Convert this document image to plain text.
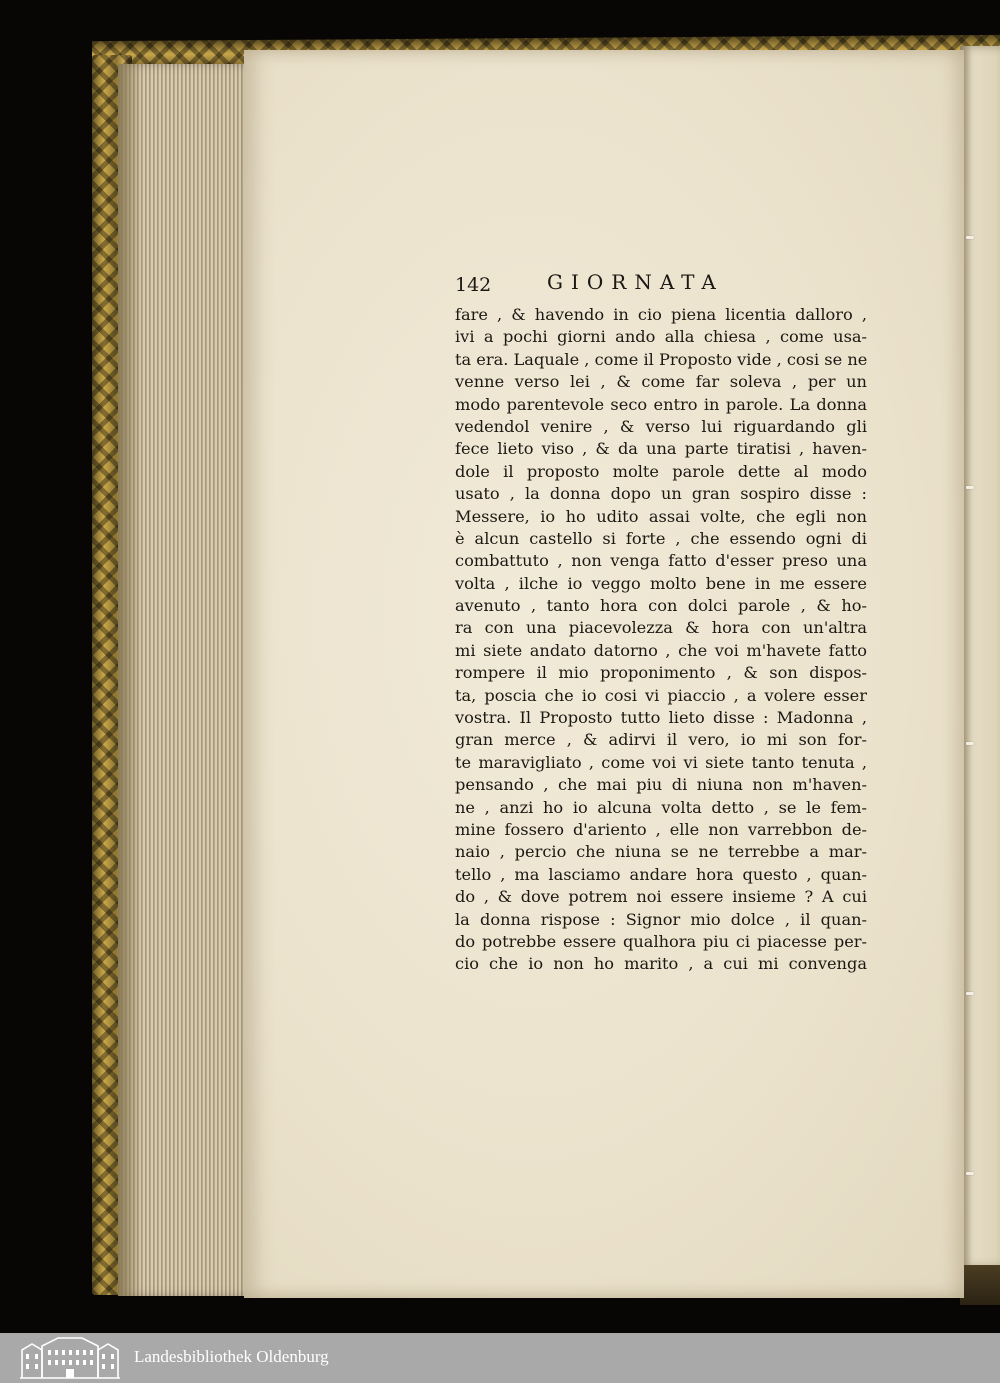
142	GIORNATA
fare , & havendo in cio piena licentia dalloro ,
ivi a pochi giorni ando alla chiesa , come usa-
ta era. Laquale , come il Proposto vide , cosi se ne
venne verso lei , & come far soleva , per un
modo parentevole seco entro in parole. La donna
vedendol venire , & verso lui riguardando gli
fece lieto viso , & da una parte tiratisi , haven-
dole il proposto molte parole dette al modo
usato , la donna dopo un gran sospiro disse :
Messere, io ho udito assai volte, che egli non
è alcun castello si forte , che essendo ogni di
combattuto , non venga fatto d'esser preso una
volta , ilche io veggo molto bene in me essere
avenuto , tanto hora con dolci parole , & ho-
ra con una piacevolezza & hora con un'altra
mi siete andato datorno , che voi m'havete fatto
rompere il mio proponimento , & son dispos-
ta, poscia che io cosi vi piaccio , a volere esser
vostra. Il Proposto tutto lieto disse : Madonna ,
gran merce , & adirvi il vero, io mi son for-
te maravigliato , come voi vi siete tanto tenuta ,
pensando , che mai piu di niuna non m'haven-
ne , anzi ho io alcuna volta detto , se le fem-
mine fossero d'ariento , elle non varrebbon de-
naio , percio che niuna se ne terrebbe a mar-
tello , ma lasciamo andare hora questo , quan-
do , & dove potrem noi essere insieme ? A cui
la donna rispose : Signor mio dolce , il quan-
do potrebbe essere qualhora piu ci piacesse per-
cio che io non ho marito , a cui mi convenga
Landesbibliothek Oldenburg
